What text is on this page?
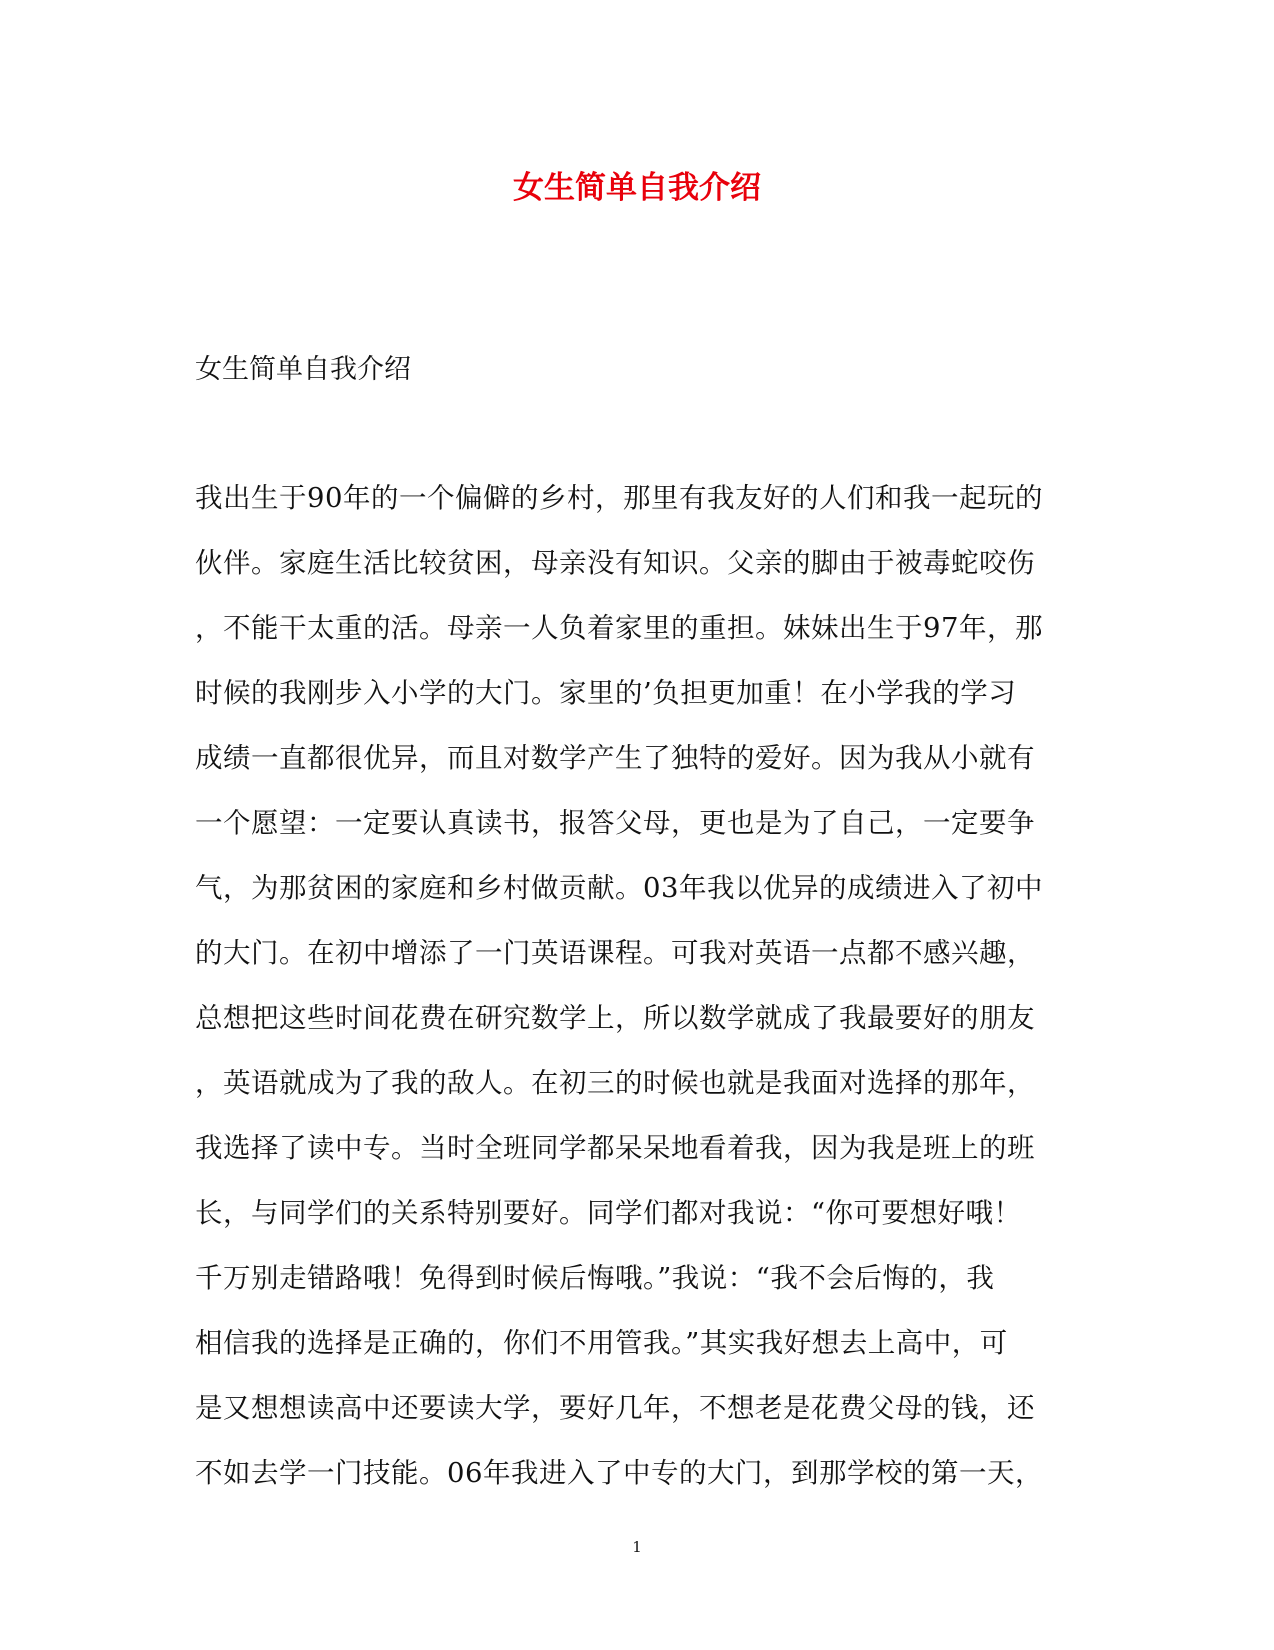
女生简单自我介绍

女生简单自我介绍

我出生于90年的一个偏僻的乡村，那里有我友好的人们和我一起玩的
伙伴。家庭生活比较贫困，母亲没有知识。父亲的脚由于被毒蛇咬伤
，不能干太重的活。母亲一人负着家里的重担。妹妹出生于97年，那
时候的我刚步入小学的大门。家里的’负担更加重！在小学我的学习
成绩一直都很优异，而且对数学产生了独特的爱好。因为我从小就有
一个愿望：一定要认真读书，报答父母，更也是为了自己，一定要争
气，为那贫困的家庭和乡村做贡献。03年我以优异的成绩进入了初中
的大门。在初中增添了一门英语课程。可我对英语一点都不感兴趣，
总想把这些时间花费在研究数学上，所以数学就成了我最要好的朋友
，英语就成为了我的敌人。在初三的时候也就是我面对选择的那年，
我选择了读中专。当时全班同学都呆呆地看着我，因为我是班上的班
长，与同学们的关系特别要好。同学们都对我说：“你可要想好哦！
千万别走错路哦！免得到时候后悔哦。”我说：“我不会后悔的，我
相信我的选择是正确的，你们不用管我。”其实我好想去上高中，可
是又想想读高中还要读大学，要好几年，不想老是花费父母的钱，还
不如去学一门技能。06年我进入了中专的大门，到那学校的第一天，
1
